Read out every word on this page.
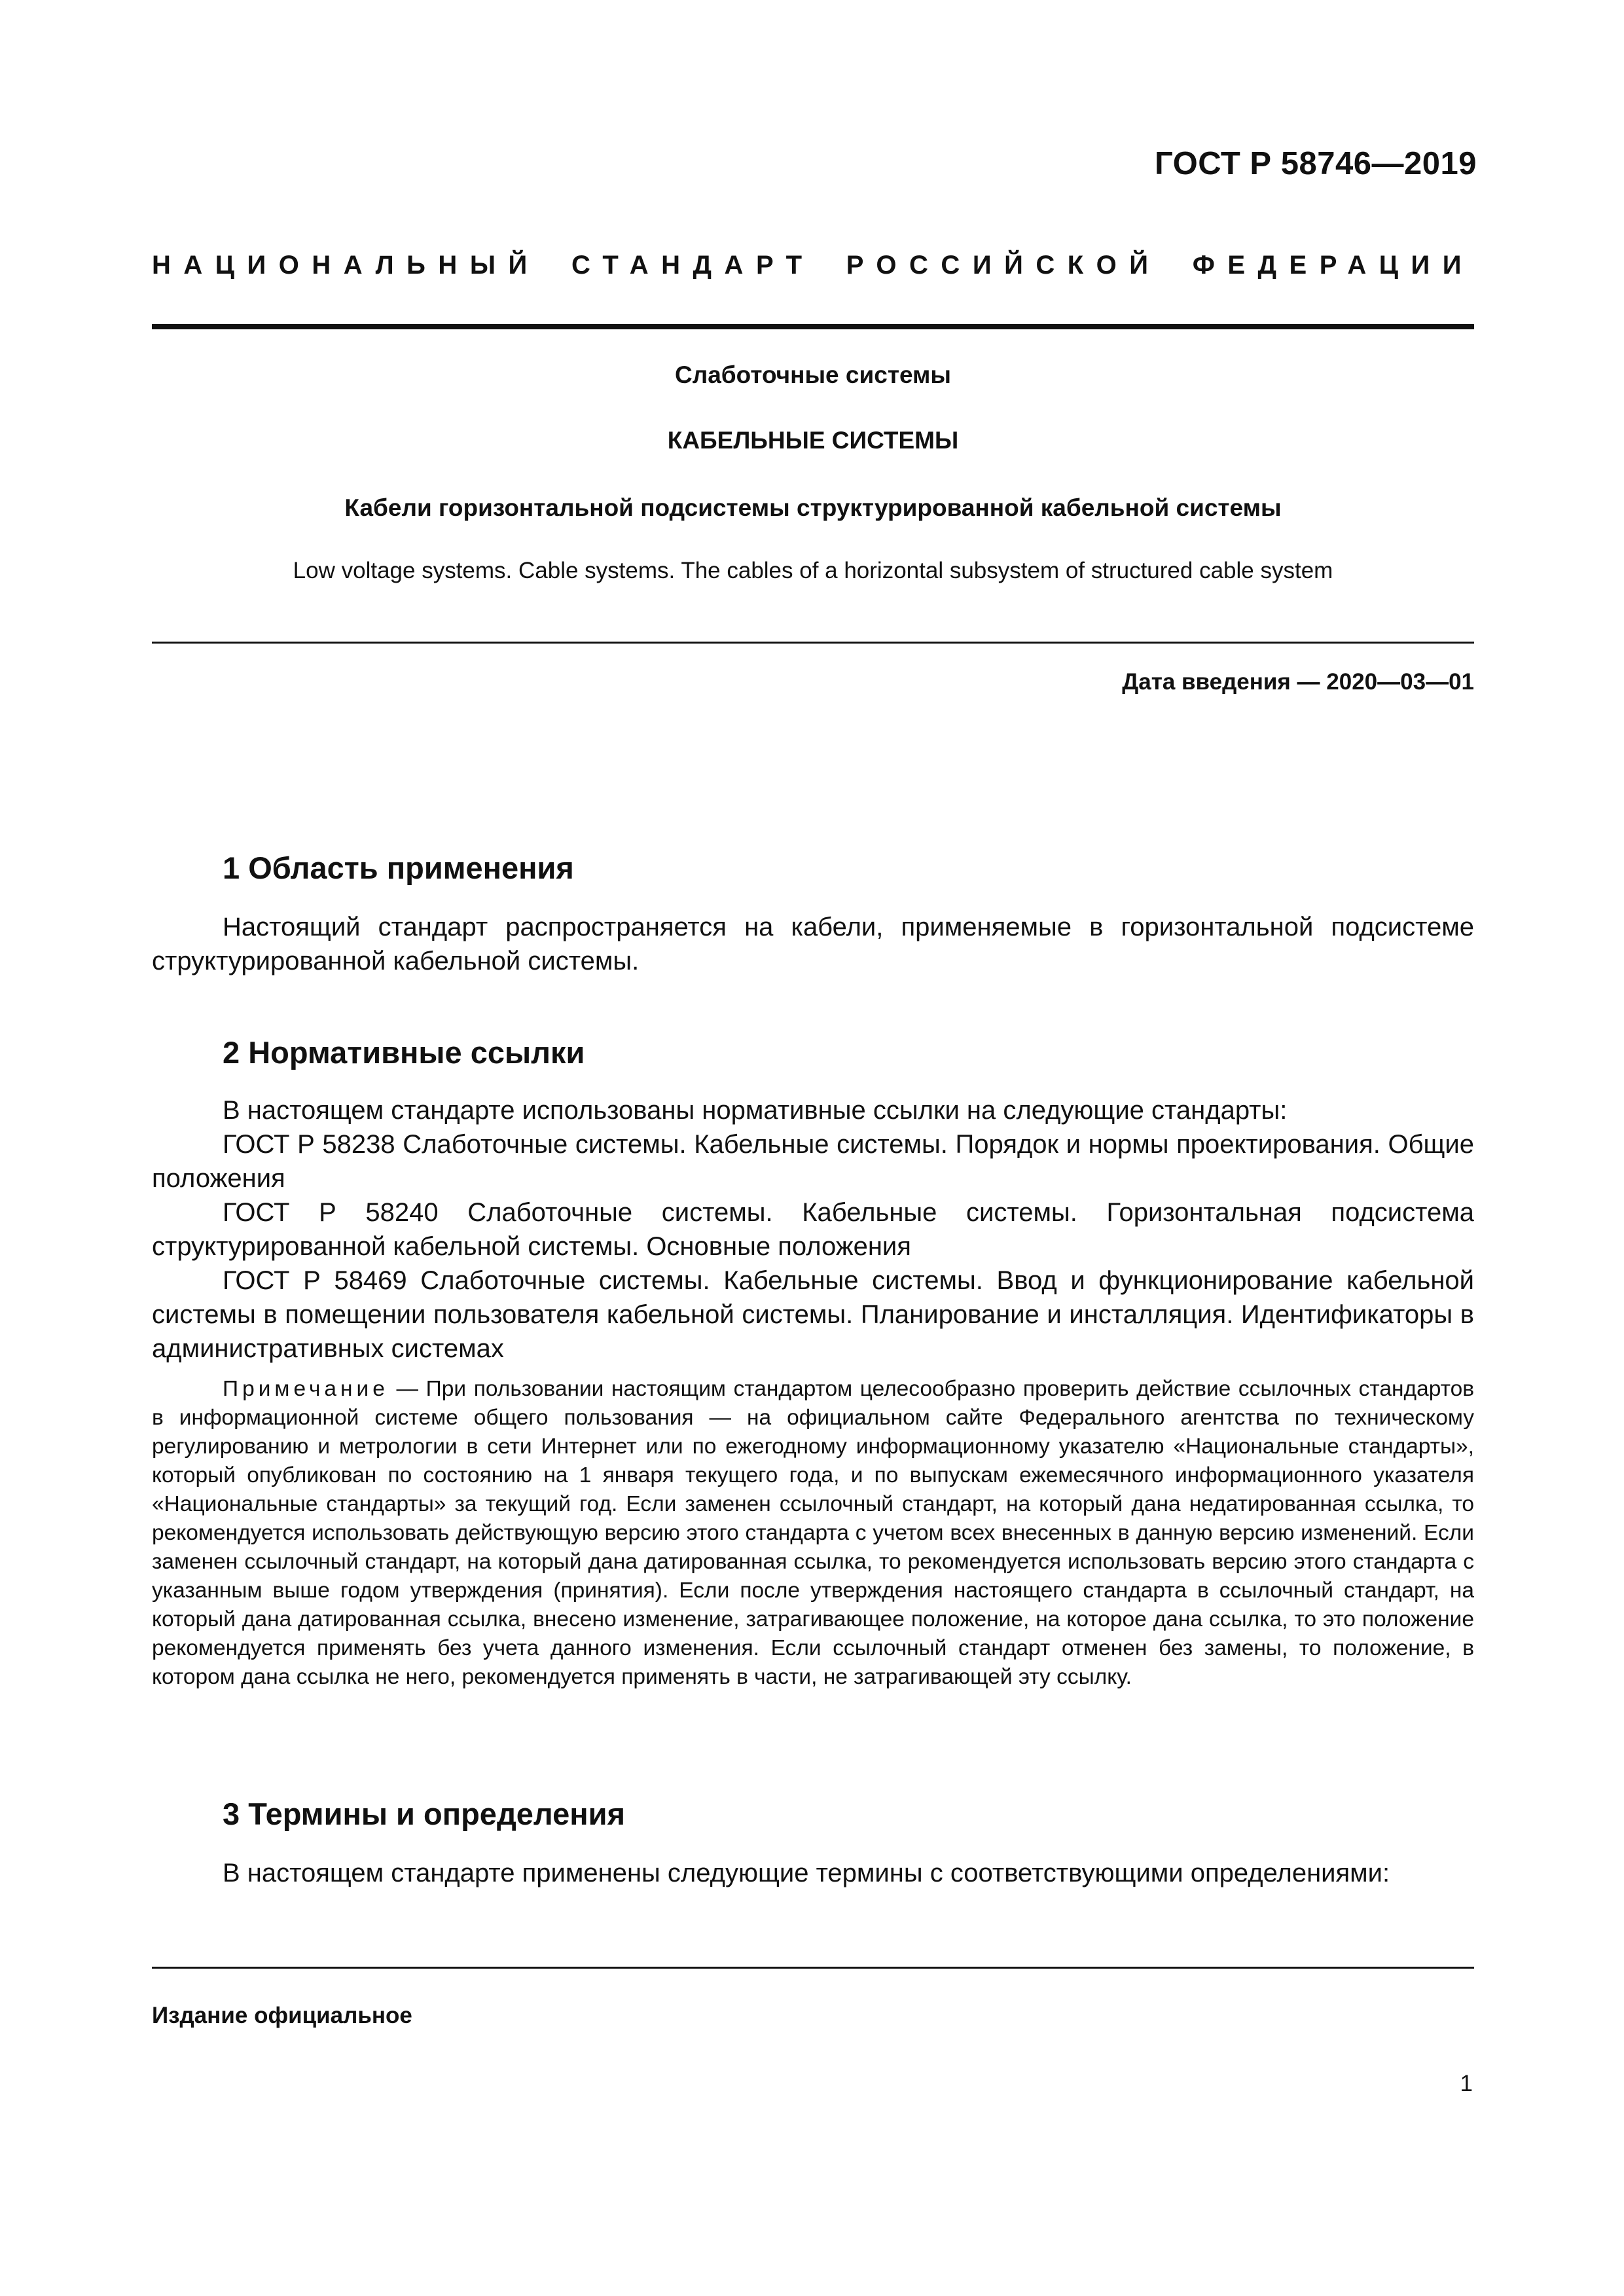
ГОСТ Р 58746—2019
НАЦИОНАЛЬНЫЙ СТАНДАРТ РОССИЙСКОЙ ФЕДЕРАЦИИ
Слаботочные системы
КАБЕЛЬНЫЕ СИСТЕМЫ
Кабели горизонтальной подсистемы структурированной кабельной системы
Low voltage systems. Cable systems. The cables of a horizontal subsystem of structured cable system
Дата введения — 2020—03—01
1 Область применения

Настоящий стандарт распространяется на кабели, применяемые в горизонтальной подсистеме структурированной кабельной системы.

2 Нормативные ссылки

В настоящем стандарте использованы нормативные ссылки на следующие стандарты:

ГОСТ Р 58238 Слаботочные системы. Кабельные системы. Порядок и нормы проектирования. Общие положения

ГОСТ Р 58240 Слаботочные системы. Кабельные системы. Горизонтальная подсистема структурированной кабельной системы. Основные положения

ГОСТ Р 58469 Слаботочные системы. Кабельные системы. Ввод и функционирование кабельной системы в помещении пользователя кабельной системы. Планирование и инсталляция. Идентификаторы в административных системах

Примечание — При пользовании настоящим стандартом целесообразно проверить действие ссылочных стандартов в информационной системе общего пользования — на официальном сайте Федерального агентства по техническому регулированию и метрологии в сети Интернет или по ежегодному информационному указателю «Национальные стандарты», который опубликован по состоянию на 1 января текущего года, и по выпускам ежемесячного информационного указателя «Национальные стандарты» за текущий год. Если заменен ссылочный стандарт, на который дана недатированная ссылка, то рекомендуется использовать действующую версию этого стандарта с учетом всех внесенных в данную версию изменений. Если заменен ссылочный стандарт, на который дана датированная ссылка, то рекомендуется использовать версию этого стандарта с указанным выше годом утверждения (принятия). Если после утверждения настоящего стандарта в ссылочный стандарт, на который дана датированная ссылка, внесено изменение, затрагивающее положение, на которое дана ссылка, то это положение рекомендуется применять без учета данного изменения. Если ссылочный стандарт отменен без замены, то положение, в котором дана ссылка не него, рекомендуется применять в части, не затрагивающей эту ссылку.

3 Термины и определения

В настоящем стандарте применены следующие термины с соответствующими определениями:

Издание официальное
1
